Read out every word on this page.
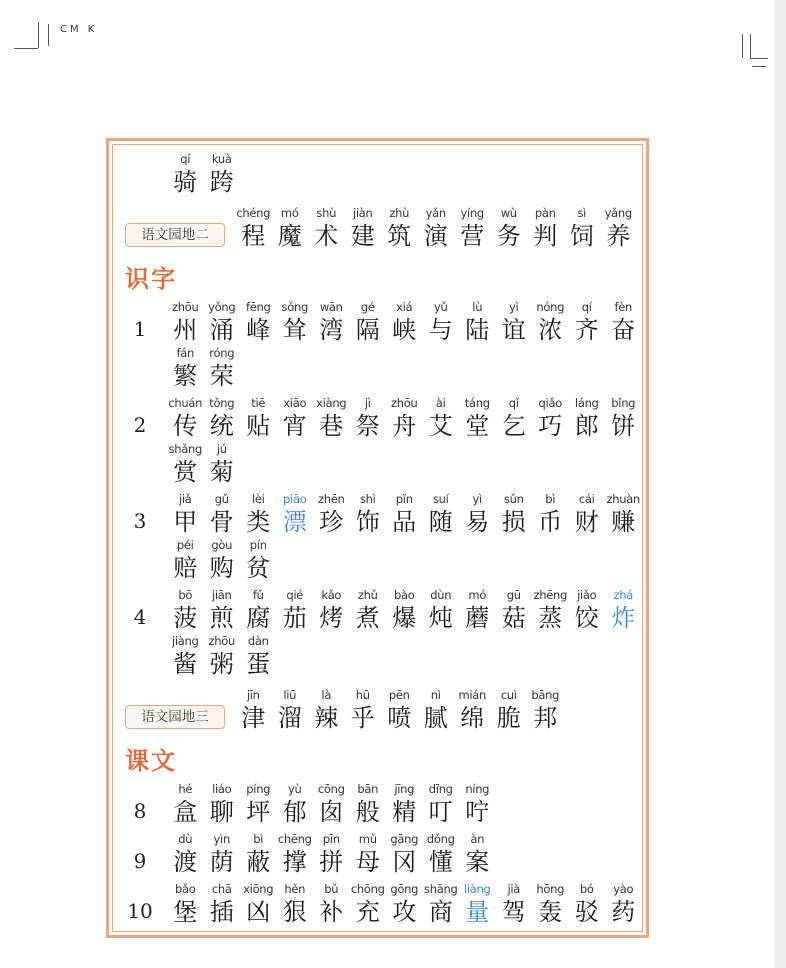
CM K
qí
骑
kuà
跨
语文园地二
chéng
程
mó
魔
shù
术
jiàn
建
zhù
筑
yǎn
演
yíng
营
wù
务
pàn
判
sì
饲
yǎng
养
识字
1
zhōu
州
yǒng
涌
fēng
峰
sǒng
耸
wān
湾
gé
隔
xiá
峡
yǔ
与
lù
陆
yì
谊
nóng
浓
qí
齐
fèn
奋
fán
繁
róng
荣
2
chuán
传
tǒng
统
tiē
贴
xiāo
宵
xiàng
巷
jì
祭
zhōu
舟
ài
艾
táng
堂
qǐ
乞
qiǎo
巧
láng
郎
bǐng
饼
shǎng
赏
jú
菊
3
jiǎ
甲
gǔ
骨
lèi
类
piāo
漂
zhēn
珍
shì
饰
pǐn
品
suí
随
yì
易
sǔn
损
bì
币
cái
财
zhuàn
赚
péi
赔
gòu
购
pín
贫
4
bō
菠
jiān
煎
fǔ
腐
qié
茄
kǎo
烤
zhǔ
煮
bào
爆
dùn
炖
mó
蘑
gū
菇
zhēng
蒸
jiǎo
饺
zhá
炸
jiàng
酱
zhōu
粥
dàn
蛋
语文园地三
jīn
津
liū
溜
là
辣
hū
乎
pēn
喷
nì
腻
mián
绵
cuì
脆
bāng
邦
课文
8
hé
盒
liáo
聊
píng
坪
yù
郁
cōng
囱
bān
般
jīng
精
dīng
叮
níng
咛
9
dù
渡
yìn
荫
bì
蔽
chēng
撑
pīn
拼
mǔ
母
gāng
冈
dǒng
懂
àn
案
10
bǎo
堡
chā
插
xiōng
凶
hěn
狠
bǔ
补
chōng
充
gōng
攻
shāng
商
liàng
量
jià
驾
hōng
轰
bó
驳
yào
药
